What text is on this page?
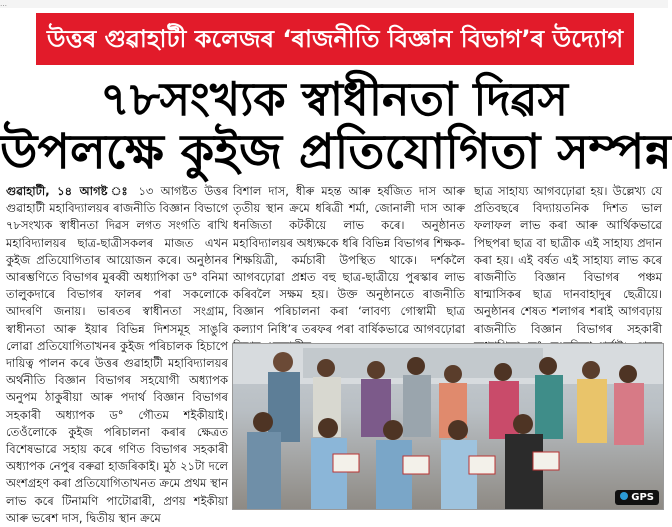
…
উত্তৰ গুৱাহাটী কলেজৰ ‘ৰাজনীতি বিজ্ঞান বিভাগ’ৰ উদ্যোগ
৭৮সংখ্যক স্বাধীনতা দিৱস
উপলক্ষে কুইজ প্ৰতিযোগিতা সম্পন্ন

গুৱাহাটী, ১৪ আগষ্ট ঃ ১৩ আগষ্টত উত্তৰ গুৱাহাটী মহাবিদ্যালয়ৰ ৰাজনীতি বিজ্ঞান বিভাগে ৭৮সংখ্যক স্বাধীনতা দিৱস লগত সংগতি ৰাখি মহাবিদ্যালয়ৰ ছাত্ৰ-ছাত্ৰীসকলৰ মাজত এখন কুইজ প্ৰতিযোগিতাৰ আয়োজন কৰে। অনুষ্ঠানৰ আৰম্ভণিতে বিভাগৰ মুৰব্বী অধ্যাপিকা ড° বনিমা তালুকদাৰে বিভাগৰ ফালৰ পৰা সকলোকে আদৰণি জনায়। ভাৰতৰ স্বাধীনতা সংগ্ৰাম, স্বাধীনতা আৰু ইয়াৰ বিভিন্ন দিশসমূহ সাঙুৰি লোৱা প্ৰতিযোগিতাখনৰ কুইজ পৰিচালক হিচাপে দায়িত্ব পালন কৰে উত্তৰ গুৱাহাটী মহাবিদ্যালয়ৰ অৰ্থনীতি বিজ্ঞান বিভাগৰ সহযোগী অধ্যাপক অনুপম ঠাকুৰীয়া আৰু পদাৰ্থ বিজ্ঞান বিভাগৰ সহকাৰী অধ্যাপক ড° গৌতম শইকীয়াই। তেওঁলোকে কুইজ পৰিচালনা কৰাৰ ক্ষেত্ৰত বিশেষভাৱে সহায় কৰে গণিত বিভাগৰ সহকাৰী অধ্যাপক নেপুৰ বৰুৱা হাজৰিকাই। মুঠ ২১টা দলে অংশগ্ৰহণ কৰা প্ৰতিযোগিতাখনত ক্ৰমে প্ৰথম স্থান লাভ কৰে টিনামণি পাটোৱাৰী, প্ৰণয় শইকীয়া আৰু ভৰেশ দাস, দ্বিতীয় স্থান ক্ৰমে

বিশাল দাস, ধীৰু মহন্ত আৰু হৰ্ষজিত দাস আৰু তৃতীয় স্থান ক্ৰমে ধৰিত্ৰী শৰ্মা, জোনালী দাস আৰু ধনজিতা কটকীয়ে লাভ কৰে। অনুষ্ঠানত মহাবিদ্যালয়ৰ অধ্যক্ষকে ধৰি বিভিন্ন বিভাগৰ শিক্ষক-শিক্ষয়িত্ৰী, কৰ্মচাৰী উপস্থিত থাকে। দৰ্শকলৈ আগবঢ়োৱা প্ৰশ্নত বহু ছাত্ৰ-ছাত্ৰীয়ে পুৰস্কাৰ লাভ কৰিবলৈ সক্ষম হয়। উক্ত অনুষ্ঠানতে ৰাজনীতি বিজ্ঞান পৰিচালনা কৰা ‘লাবণ্য গোস্বামী ছাত্ৰ কল্যাণ নিধি’ৰ তৰফৰ পৰা বাৰ্ষিকভাৱে আগবঢ়োৱা

ছাত্ৰ সাহায্য আগবঢ়োৱা হয়। উল্লেখ্য যে প্ৰতিবছৰে বিদ্যায়তনিক দিশত ভাল ফলাফল লাভ কৰা আৰু আৰ্থিকভাৱে পিছপৰা ছাত্ৰ বা ছাত্ৰীক এই সাহায্য প্ৰদান কৰা হয়। এই বৰ্ষত এই সাহায্য লাভ কৰে ৰাজনীতি বিজ্ঞান বিভাগৰ পঞ্চম ষান্মাসিকৰ ছাত্ৰ দানবাহাদুৰ ছেত্ৰীয়ে। অনুষ্ঠানৰ শেষত শলাগৰ শৰাই আগবঢ়ায় ৰাজনীতি বিজ্ঞান বিভাগৰ সহকাৰী

GPS
